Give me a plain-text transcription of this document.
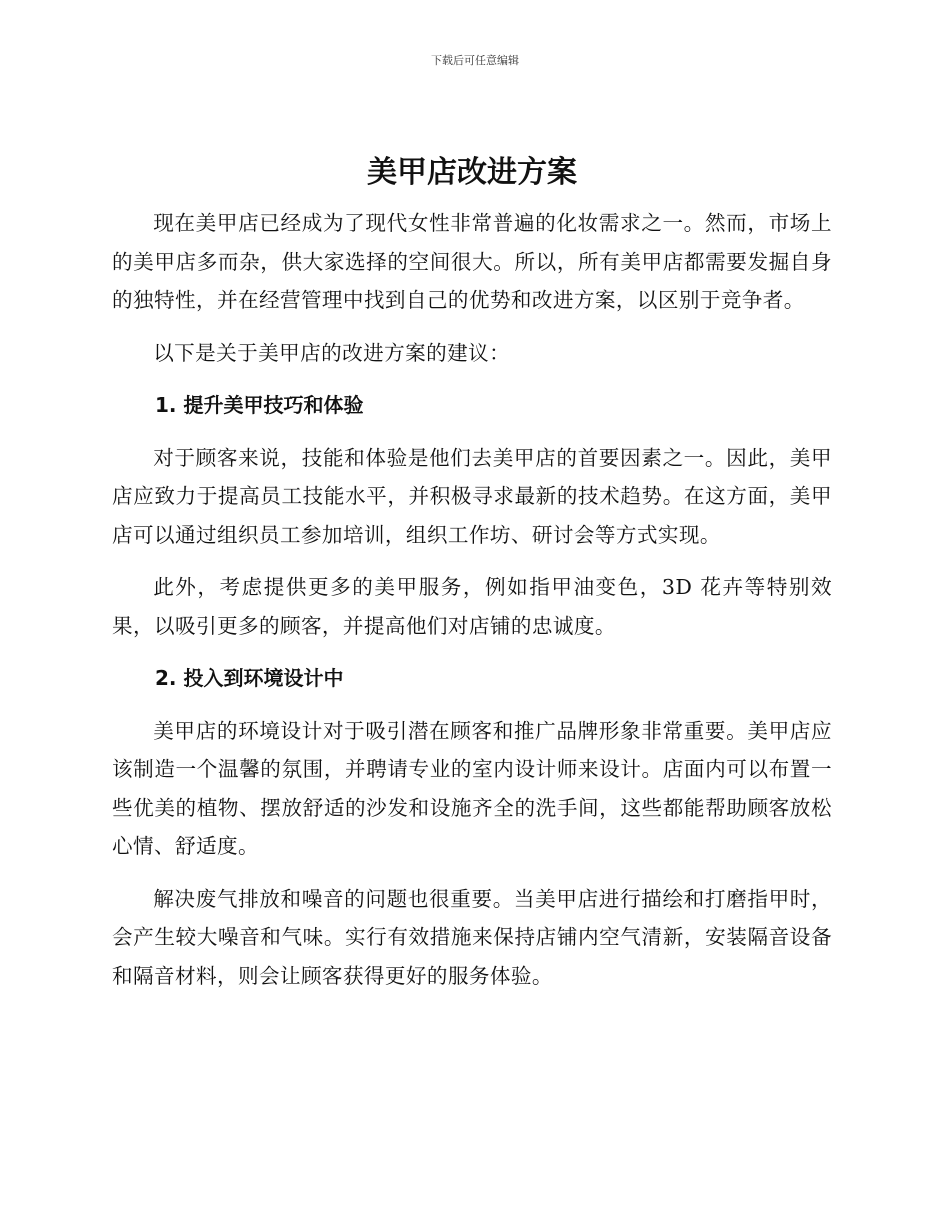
下载后可任意编辑
美甲店改进方案

现在美甲店已经成为了现代女性非常普遍的化妆需求之一。然而，市场上的美甲店多而杂，供大家选择的空间很大。所以，所有美甲店都需要发掘自身的独特性，并在经营管理中找到自己的优势和改进方案，以区别于竞争者。

以下是关于美甲店的改进方案的建议：

1. 提升美甲技巧和体验

对于顾客来说，技能和体验是他们去美甲店的首要因素之一。因此，美甲店应致力于提高员工技能水平，并积极寻求最新的技术趋势。在这方面，美甲店可以通过组织员工参加培训，组织工作坊、研讨会等方式实现。

此外，考虑提供更多的美甲服务，例如指甲油变色，3D 花卉等特别效果，以吸引更多的顾客，并提高他们对店铺的忠诚度。

2. 投入到环境设计中

美甲店的环境设计对于吸引潜在顾客和推广品牌形象非常重要。美甲店应该制造一个温馨的氛围，并聘请专业的室内设计师来设计。店面内可以布置一些优美的植物、摆放舒适的沙发和设施齐全的洗手间，这些都能帮助顾客放松心情、舒适度。

解决废气排放和噪音的问题也很重要。当美甲店进行描绘和打磨指甲时，会产生较大噪音和气味。实行有效措施来保持店铺内空气清新，安装隔音设备和隔音材料，则会让顾客获得更好的服务体验。
